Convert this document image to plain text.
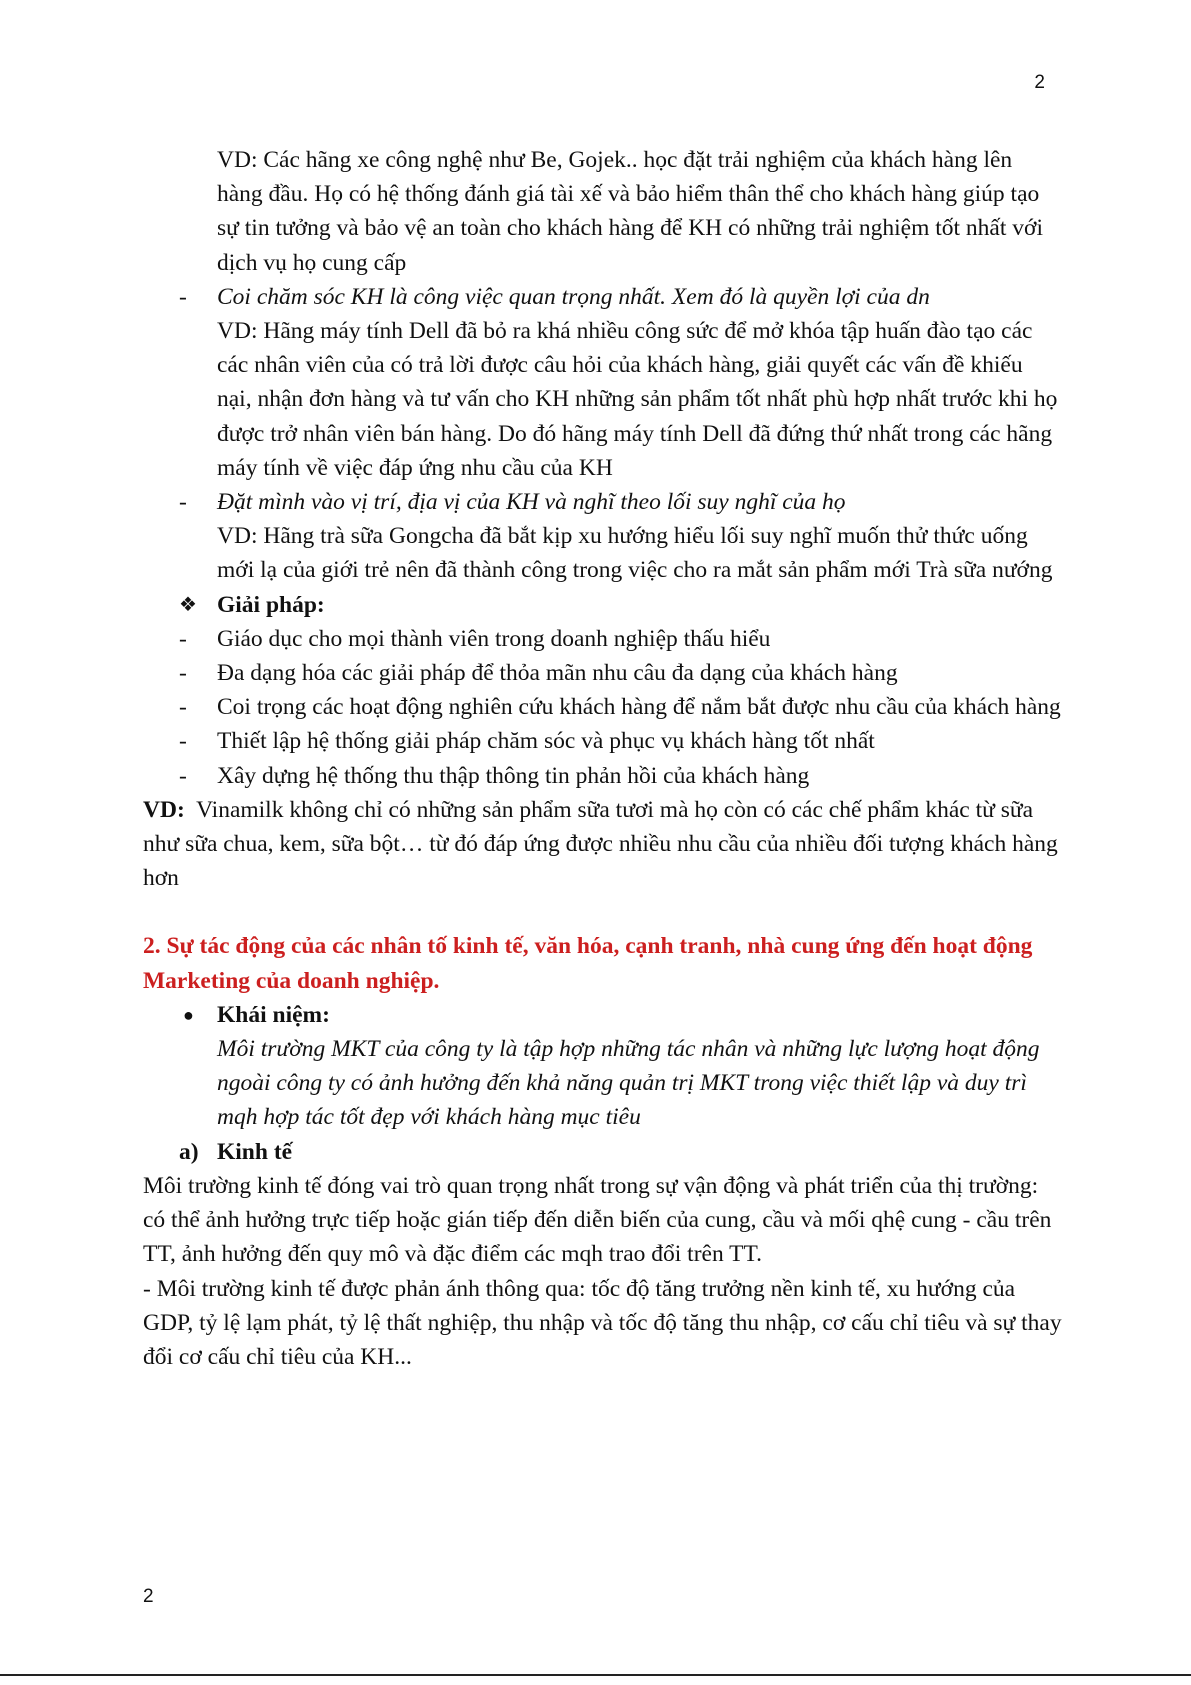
2

VD: Các hãng xe công nghệ như Be, Gojek.. học đặt trải nghiệm của khách hàng lên hàng đầu. Họ có hệ thống đánh giá tài xế và bảo hiểm thân thể cho khách hàng giúp tạo sự tin tưởng và bảo vệ an toàn cho khách hàng để KH có những trải nghiệm tốt nhất với dịch vụ họ cung cấp

- Coi chăm sóc KH là công việc quan trọng nhất. Xem đó là quyền lợi của dn
VD: Hãng máy tính Dell đã bỏ ra khá nhiều công sức để mở khóa tập huấn đào tạo các các nhân viên của có trả lời được câu hỏi của khách hàng, giải quyết các vấn đề khiếu nại, nhận đơn hàng và tư vấn cho KH những sản phẩm tốt nhất phù hợp nhất trước khi họ được trở nhân viên bán hàng. Do đó hãng máy tính Dell đã đứng thứ nhất trong các hãng máy tính về việc đáp ứng nhu cầu của KH
- Đặt mình vào vị trí, địa vị của KH và nghĩ theo lối suy nghĩ của họ
VD: Hãng trà sữa Gongcha đã bắt kịp xu hướng hiểu lối suy nghĩ muốn thử thức uống mới lạ của giới trẻ nên đã thành công trong việc cho ra mắt sản phẩm mới Trà sữa nướng
❖ Giải pháp:
- Giáo dục cho mọi thành viên trong doanh nghiệp thấu hiểu
- Đa dạng hóa các giải pháp để thỏa mãn nhu câu đa dạng của khách hàng
- Coi trọng các hoạt động nghiên cứu khách hàng để nắm bắt được nhu cầu của khách hàng
- Thiết lập hệ thống giải pháp chăm sóc và phục vụ khách hàng tốt nhất
- Xây dựng hệ thống thu thập thông tin phản hồi của khách hàng

VD:  Vinamilk không chỉ có những sản phẩm sữa tươi mà họ còn có các chế phẩm khác từ sữa như sữa chua, kem, sữa bột… từ đó đáp ứng được nhiều nhu cầu của nhiều đối tượng khách hàng hơn

2. Sự tác động của các nhân tố kinh tế, văn hóa, cạnh tranh, nhà cung ứng đến hoạt động Marketing của doanh nghiệp.

● Khái niệm:

Môi trường MKT của công ty là tập hợp những tác nhân và những lực lượng hoạt động ngoài công ty có ảnh hưởng đến khả năng quản trị MKT trong việc thiết lập và duy trì mqh hợp tác tốt đẹp với khách hàng mục tiêu

a) Kinh tế

Môi trường kinh tế đóng vai trò quan trọng nhất trong sự vận động và phát triển của thị trường: có thể ảnh hưởng trực tiếp hoặc gián tiếp đến diễn biến của cung, cầu và mối qhệ cung - cầu trên TT, ảnh hưởng đến quy mô và đặc điểm các mqh trao đổi trên TT.

- Môi trường kinh tế được phản ánh thông qua: tốc độ tăng trưởng nền kinh tế, xu hướng của GDP, tỷ lệ lạm phát, tỷ lệ thất nghiệp, thu nhập và tốc độ tăng thu nhập, cơ cấu chỉ tiêu và sự thay đổi cơ cấu chỉ tiêu của KH...

2
